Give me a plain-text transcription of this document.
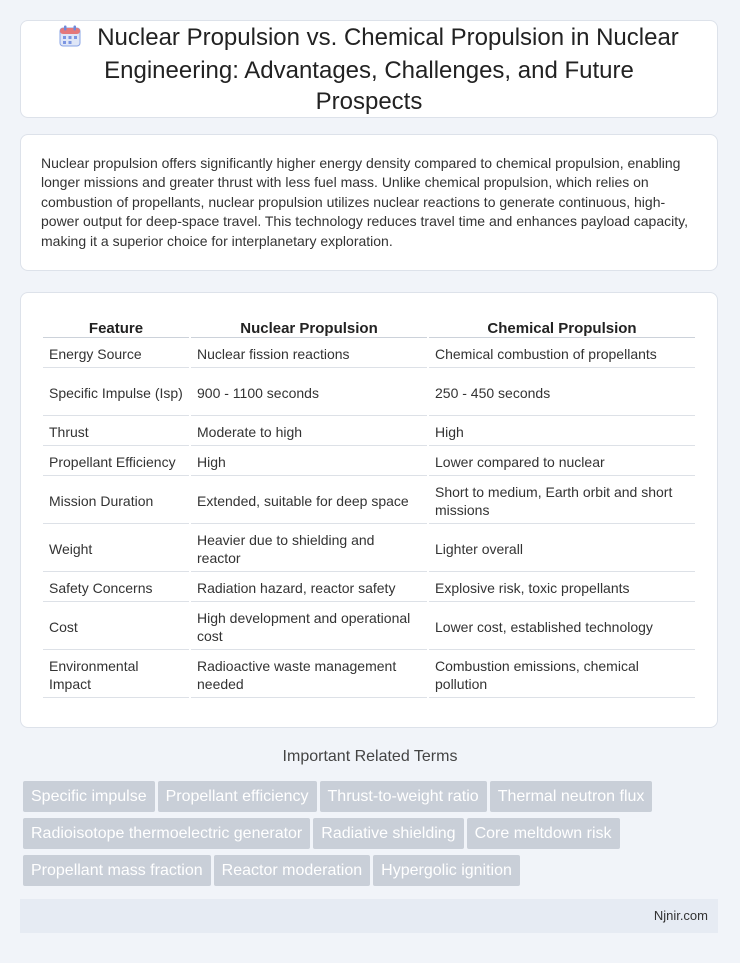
Nuclear Propulsion vs. Chemical Propulsion in Nuclear Engineering: Advantages, Challenges, and Future Prospects

Nuclear propulsion offers significantly higher energy density compared to chemical propulsion, enabling longer missions and greater thrust with less fuel mass. Unlike chemical propulsion, which relies on combustion of propellants, nuclear propulsion utilizes nuclear reactions to generate continuous, high-power output for deep-space travel. This technology reduces travel time and enhances payload capacity, making it a superior choice for interplanetary exploration.

Feature	Nuclear Propulsion	Chemical Propulsion
Energy Source	Nuclear fission reactions	Chemical combustion of propellants
Specific Impulse (Isp)	900 - 1100 seconds	250 - 450 seconds
Thrust	Moderate to high	High
Propellant Efficiency	High	Lower compared to nuclear
Mission Duration	Extended, suitable for deep space	Short to medium, Earth orbit and short missions
Weight	Heavier due to shielding and reactor	Lighter overall
Safety Concerns	Radiation hazard, reactor safety	Explosive risk, toxic propellants
Cost	High development and operational cost	Lower cost, established technology
Environmental Impact	Radioactive waste management needed	Combustion emissions, chemical pollution
Important Related Terms
Specific impulse Propellant efficiency Thrust-to-weight ratio Thermal neutron flux
Radioisotope thermoelectric generator Radiative shielding Core meltdown risk
Propellant mass fraction Reactor moderation Hypergolic ignition
Njnir.com
